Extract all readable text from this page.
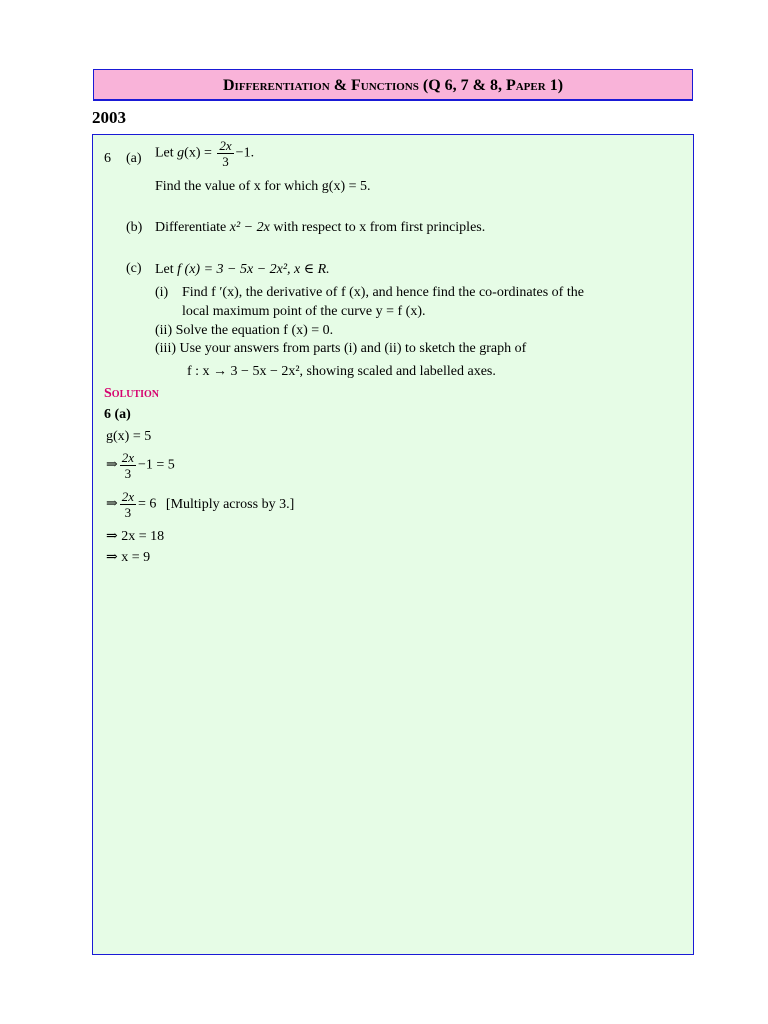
Differentiation & Functions (Q 6, 7 & 8, Paper 1)
2003
6 (a) Let $g(x) = \frac{2x}{3} -1$.
Find the value of x for which g(x) = 5.
(b) Differentiate x² − 2x with respect to x from first principles.
(c) Let f (x) = 3 − 5x − 2x², x ∈ R.
(i) Find f ′(x), the derivative of f (x), and hence find the co-ordinates of the
local maximum point of the curve y = f (x).
(ii) Solve the equation f (x) = 0.
(iii) Use your answers from parts (i) and (ii) to sketch the graph of
f : x → 3 − 5x − 2x², showing scaled and labelled axes.
Solution
6 (a)
g(x) = 5
⇒ $\frac{2x}{3} -1 = 5$
⇒ $\frac{2x}{3} = 6$ [Multiply across by 3.]
⇒ 2x = 18
⇒ x = 9
